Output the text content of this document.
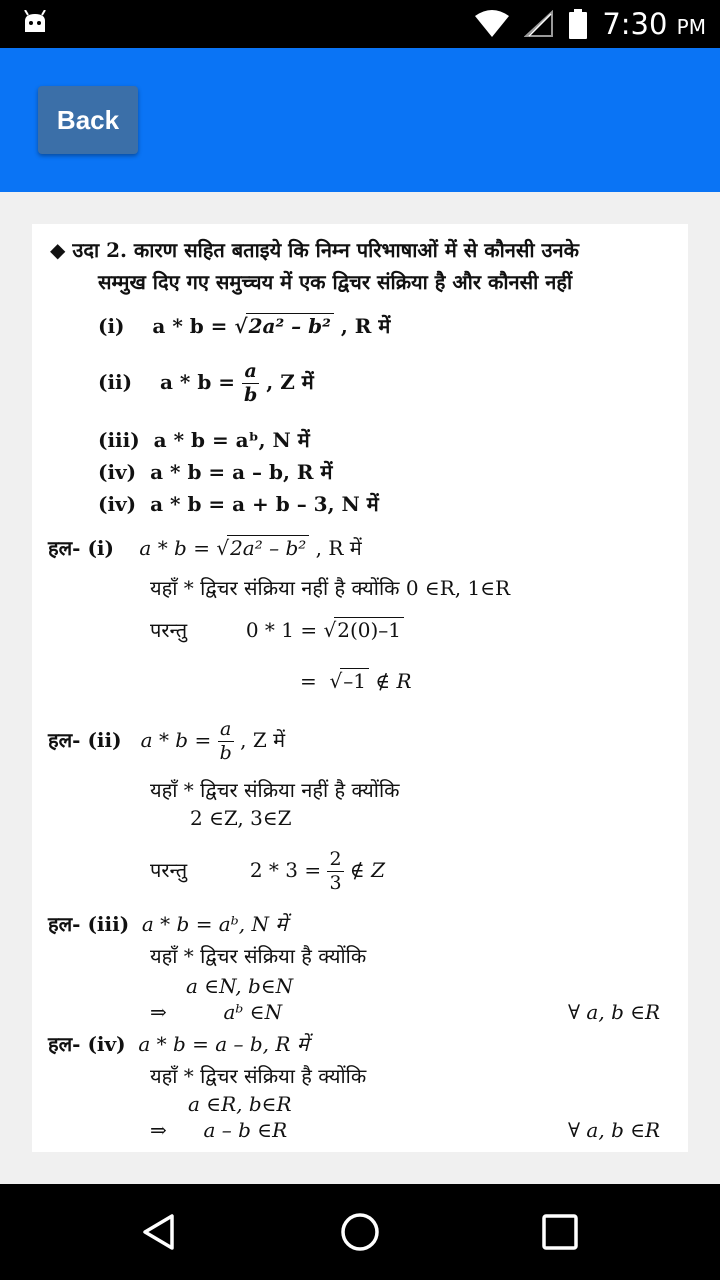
7:30 PM
Back
◆ उदा 2. कारण सहित बताइये कि निम्न परिभाषाओं में से कौनसी उनके
सम्मुख दिए गए समुच्चय में एक द्विचर संक्रिया है और कौनसी नहीं
(i) a * b = √2a² – b² , R में
(ii) $a * b = \frac{a}{b}$ , Z में
(iii) a * b = aᵇ, N में
(iv) a * b = a – b, R में
(iv) a * b = a + b – 3, N में
हल- (i) a * b = √2a² – b² , R में
यहाँ * द्विचर संक्रिया नहीं है क्योंकि 0 ∈R, 1∈R
परन्तु	0 * 1 = √2(0)–1
=  √–1 ∉ R
हल- (ii) $a * b = \frac{a}{b}$ , Z में
यहाँ * द्विचर संक्रिया नहीं है क्योंकि
2 ∈Z, 3∈Z
परन्तु	$2 * 3 = \frac{2}{3}$ ∉ Z
हल- (iii) a * b = aᵇ, N में
यहाँ * द्विचर संक्रिया है क्योंकि
a ∈N, b∈N
⇒	aᵇ ∈N	∀ a, b ∈R
हल- (iv) a * b = a – b, R में
यहाँ * द्विचर संक्रिया है क्योंकि
a ∈R, b∈R
⇒ a – b ∈R	∀ a, b ∈R
